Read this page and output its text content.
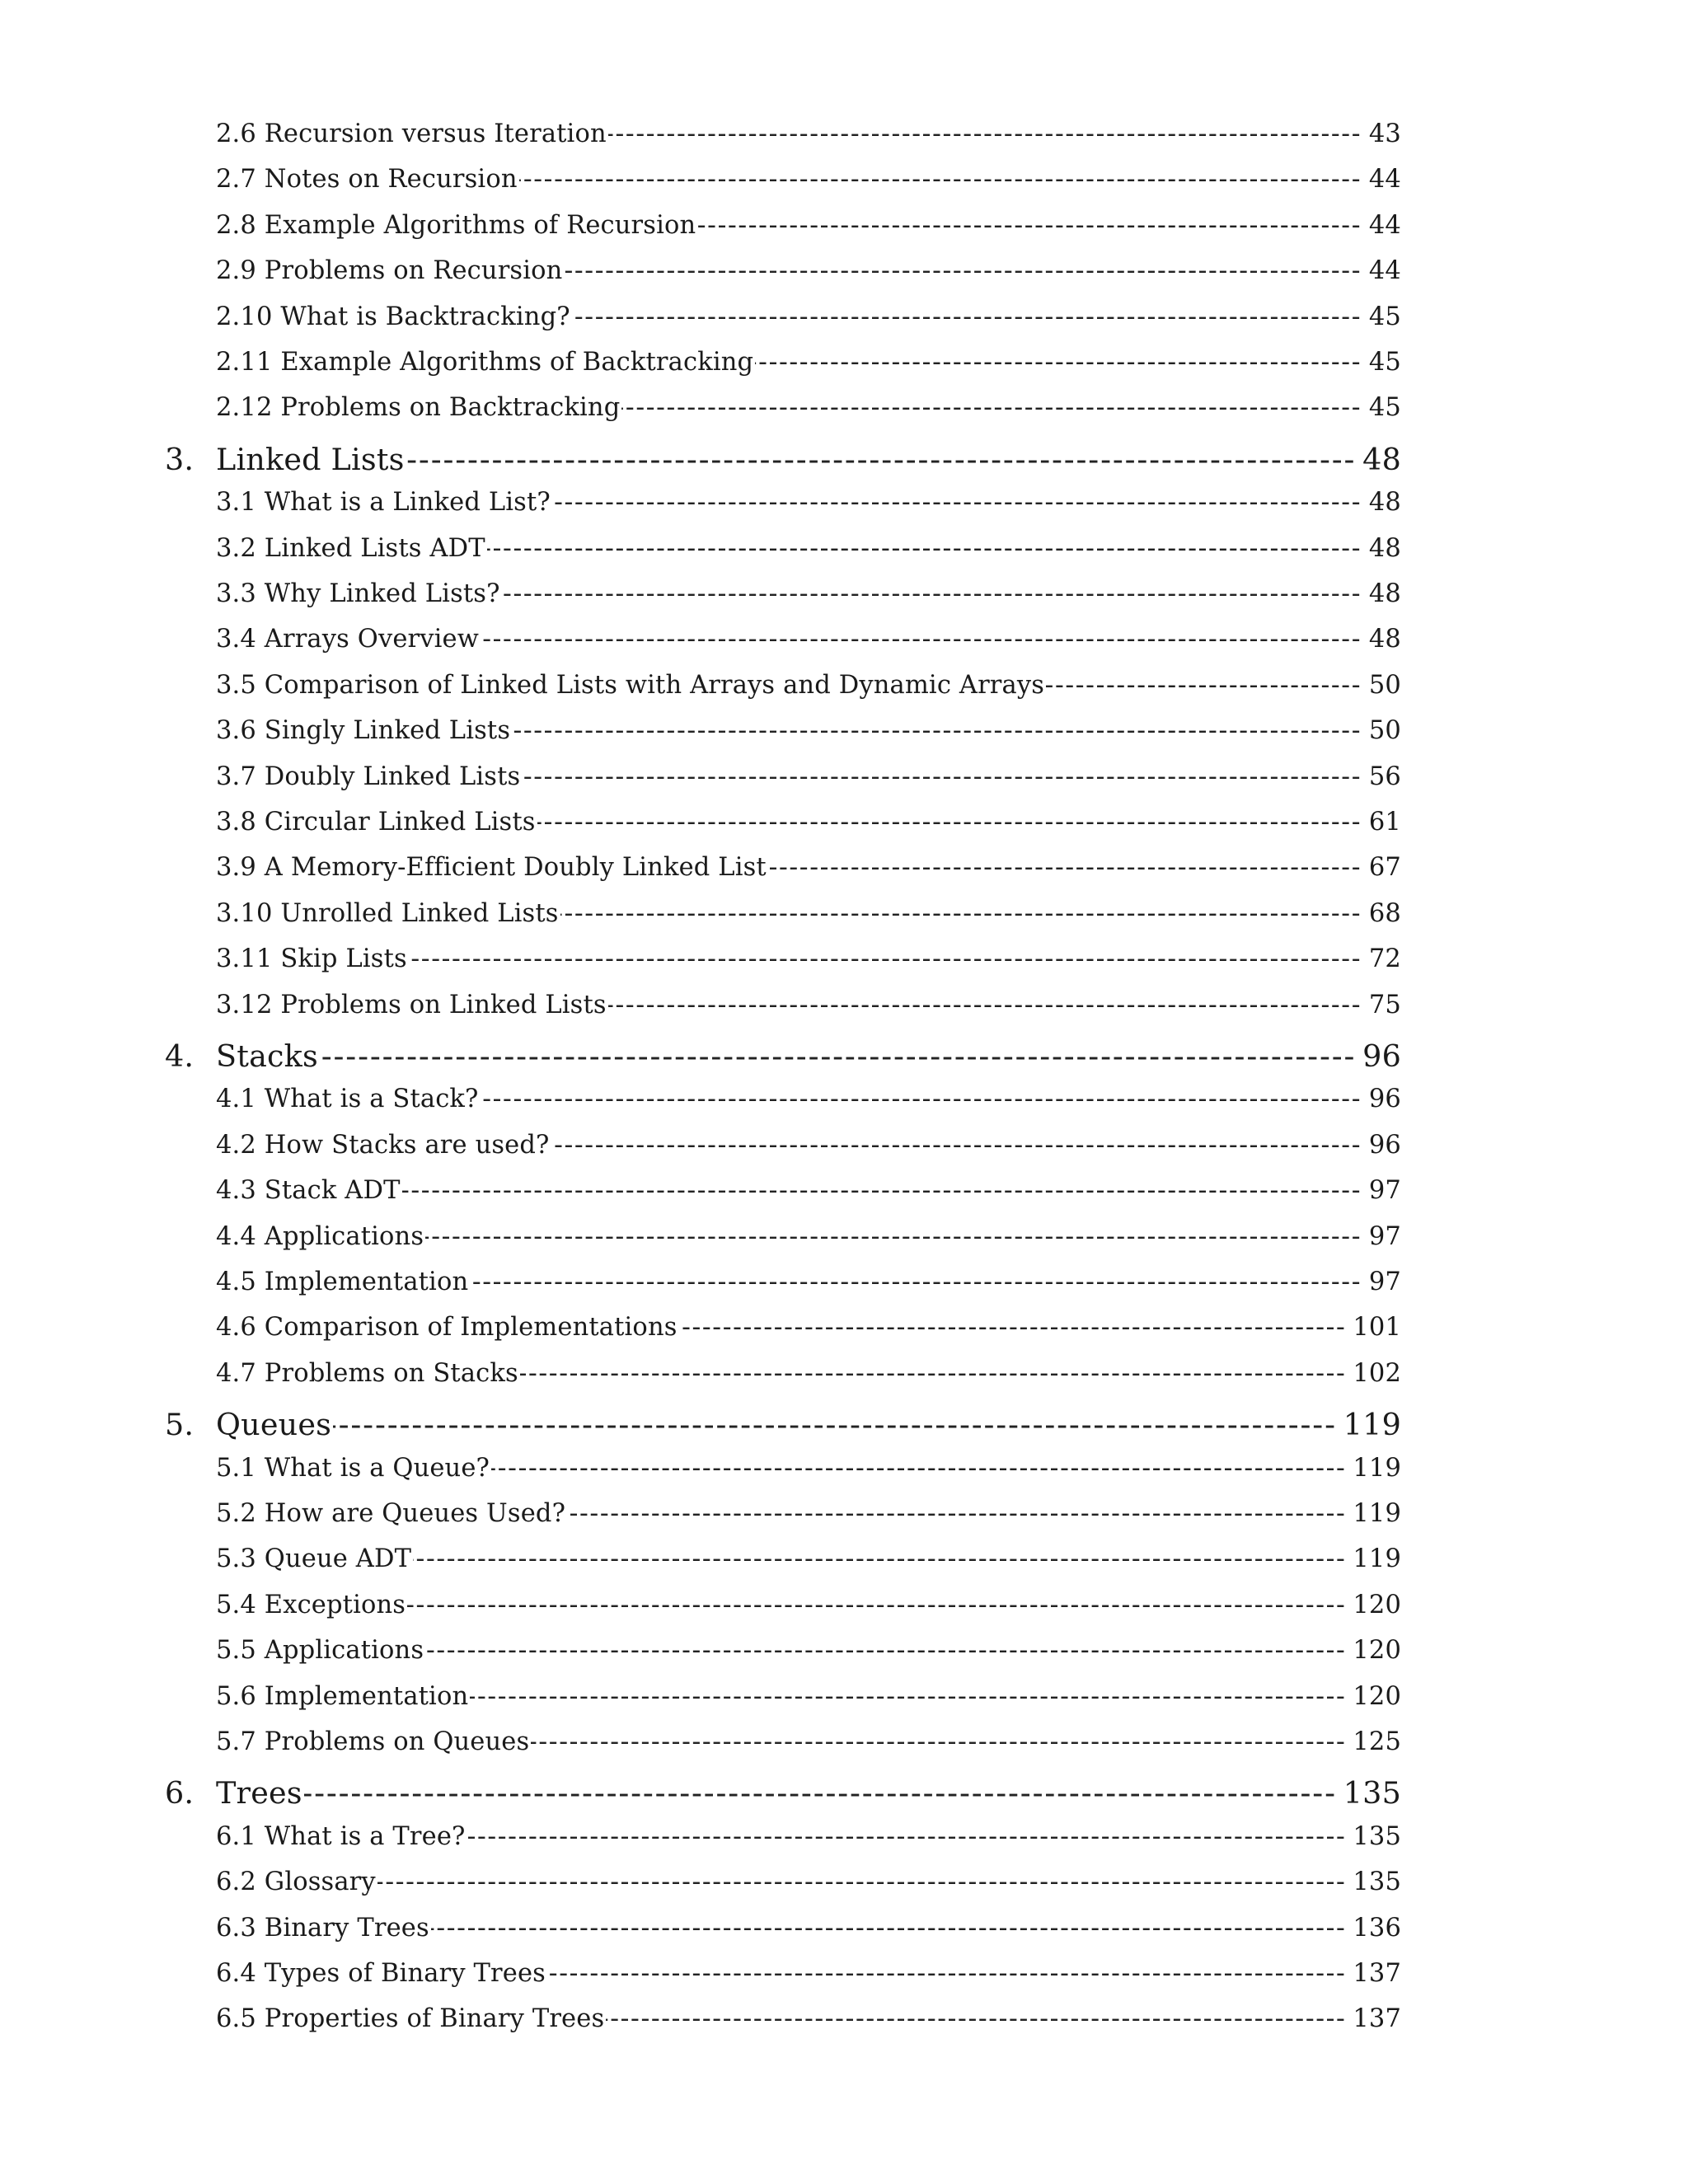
2.6 Recursion versus Iteration -----	43
2.7 Notes on Recursion -----	44
2.8 Example Algorithms of Recursion -----	44
2.9 Problems on Recursion -----	44
2.10 What is Backtracking? -----	45
2.11 Example Algorithms of Backtracking -----	45
2.12 Problems on Backtracking -----	45
3. Linked Lists -----	48
3.1 What is a Linked List? -----	48
3.2 Linked Lists ADT -----	48
3.3 Why Linked Lists? -----	48
3.4 Arrays Overview -----	48
3.5 Comparison of Linked Lists with Arrays and Dynamic Arrays -----	50
3.6 Singly Linked Lists -----	50
3.7 Doubly Linked Lists -----	56
3.8 Circular Linked Lists -----	61
3.9 A Memory-Efficient Doubly Linked List -----	67
3.10 Unrolled Linked Lists -----	68
3.11 Skip Lists -----	72
3.12 Problems on Linked Lists -----	75
4. Stacks -----	96
4.1 What is a Stack? -----	96
4.2 How Stacks are used? -----	96
4.3 Stack ADT -----	97
4.4 Applications -----	97
4.5 Implementation -----	97
4.6 Comparison of Implementations -----	101
4.7 Problems on Stacks -----	102
5. Queues -----	119
5.1 What is a Queue? -----	119
5.2 How are Queues Used? -----	119
5.3 Queue ADT -----	119
5.4 Exceptions -----	120
5.5 Applications -----	120
5.6 Implementation -----	120
5.7 Problems on Queues -----	125
6. Trees -----	135
6.1 What is a Tree? -----	135
6.2 Glossary -----	135
6.3 Binary Trees -----	136
6.4 Types of Binary Trees -----	137
6.5 Properties of Binary Trees -----	137
